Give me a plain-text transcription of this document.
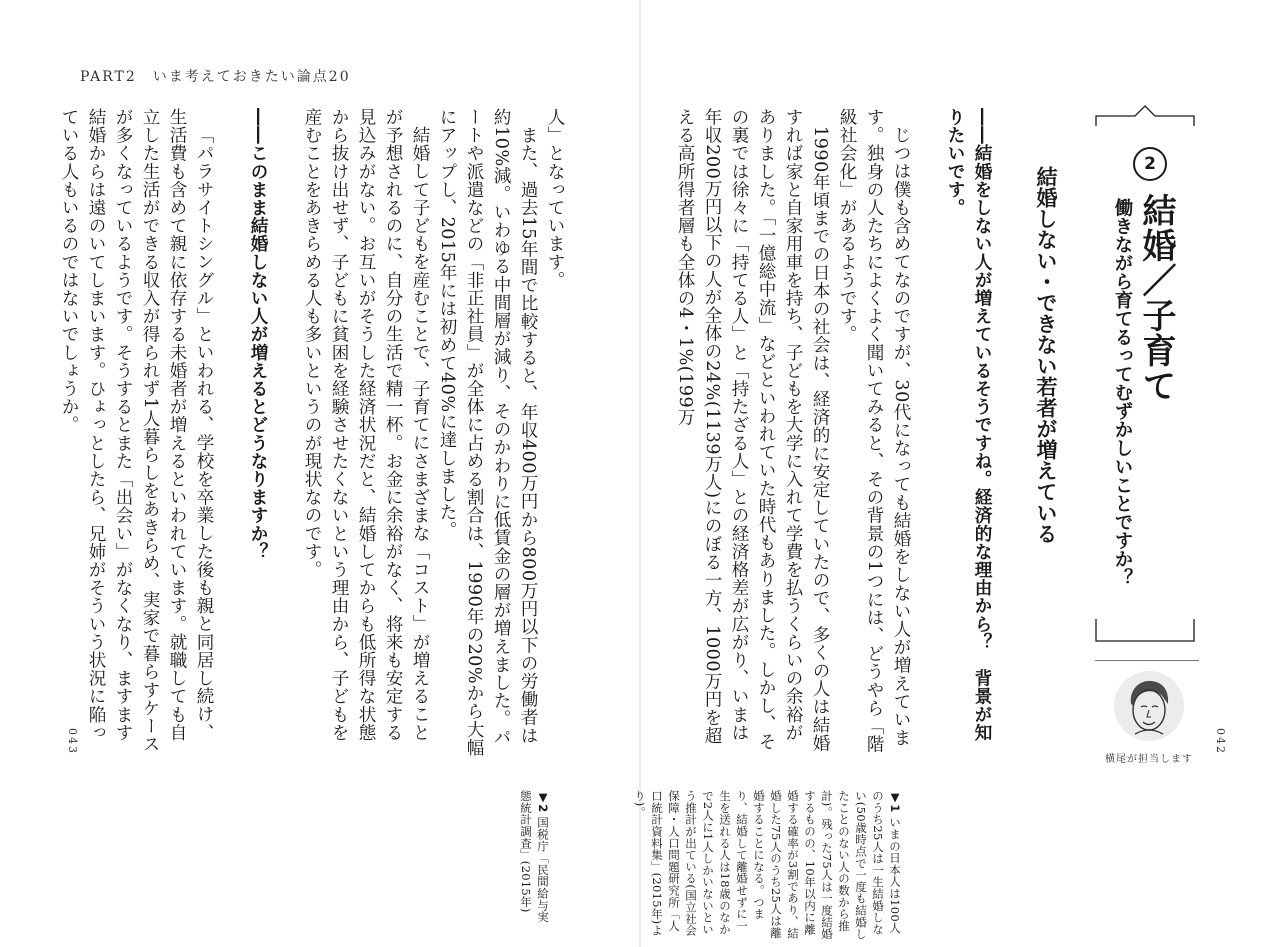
PART2　いま考えておきたい論点20

人」となっています。

また、過去15年間で比較すると、年収400万円から800万円以下の労働者は約10%減。いわゆる中間層が減り、そのかわりに低賃金の層が増えました。パートや派遣などの「非正社員」が全体に占める割合は、1990年の20%から大幅にアップし、2015年には初めて40%に達しました。

結婚して子どもを産むことで、子育てにさまざまな「コスト」が増えることが予想されるのに、自分の生活で精一杯。お金に余裕がなく、将来も安定する見込みがない。お互いがそうした経済状況だと、結婚してからも低所得な状態から抜け出せず、子どもに貧困を経験させたくないという理由から、子どもを産むことをあきらめる人も多いというのが現状なのです。

――このまま結婚しない人が増えるとどうなりますか？

「パラサイトシングル」といわれる、学校を卒業した後も親と同居し続け、生活費も含めて親に依存する未婚者が増えるといわれています。就職しても自立した生活ができる収入が得られず1人暮らしをあきらめ、実家で暮らすケースが多くなっているようです。そうするとまた「出会い」がなくなり、ますます結婚からは遠のいてしまいます。ひょっとしたら、兄姉がそういう状況に陥っている人もいるのではないでしょうか。

▼2 国税庁「民間給与実態統計調査」(2015年)
043
2
結婚／子育て
働きながら育てるってむずかしいことですか？
結婚しない・できない若者が増えている

――結婚をしない人が増えているそうですね。経済的な理由から？　背景が知りたいです。

じつは僕も含めてなのですが、30代になっても結婚をしない人が増えています。独身の人たちによくよく聞いてみると、その背景の1つには、どうやら「階級社会化」があるようです。

1990年頃までの日本の社会は、経済的に安定していたので、多くの人は結婚すれば家と自家用車を持ち、子どもを大学に入れて学費を払うくらいの余裕がありました。「一億総中流」などといわれていた時代もありました。しかし、その裏では徐々に「持てる人」と「持たざる人」との経済格差が広がり、いまは年収200万円以下の人が全体の24%(1139万人)にのぼる一方、1000万円を超える高所得者層も全体の4・1%(199万

▼1 いまの日本人は100人のうち25人は一生結婚しない(50歳時点で一度も結婚したことのない人の数から推計)。残った75人は一度結婚するものの、10年以内に離婚する確率が3割であり、結婚した75人のうち25人は離婚することになる。つまり、結婚して離婚せずに一生を送れる人は18歳のなかで2人に1人しかいないという推計が出ている(国立社会保障・人口問題研究所「人口統計資料集」(2015年)より)。
横尾が担当します
042
